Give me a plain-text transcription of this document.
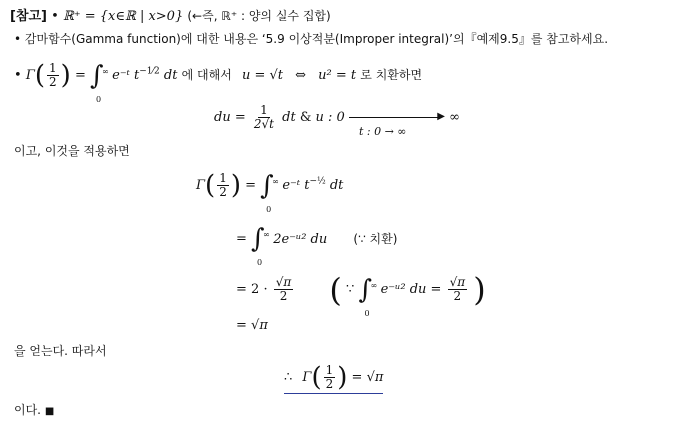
[참고] • ℝ⁺ = {x∈ℝ | x>0} (←즉, ℝ⁺ : 양의 실수 집합)
• 감마함수(Gamma function)에 대한 내용은 ‘5.9 이상적분(Improper integral)’의『예제9.5』를 참고하세요.
• $\Gamma( \frac{1}{2}$ ) = ∫
∞
0
e⁻ᵗ $t^{-1⁄2}$ dt 에 대해서 u = √t ⇔ u² = t 로 치환하면
du = $\frac{1}{2√t}$ dt & u : 0	▶
t : 0 → ∞
∞
이고, 이것을 적용하면
$\Gamma( \frac{1}{2}$ ) = ∫
∞
0
e⁻ᵗ $t^{-\frac{1}{2}}$ dt
= ∫
∞
0
2e⁻ᵘ² du (∵ 치환)
= $2 \cdot \frac{√\pi}{2}$ ( ∵ ∫
∞
0
e⁻ᵘ² du = $\frac{√\pi}{2}$ )
= √π
을 얻는다. 따라서
∴ $\Gamma( \frac{1}{2}$ ) = √π
이다. ■
